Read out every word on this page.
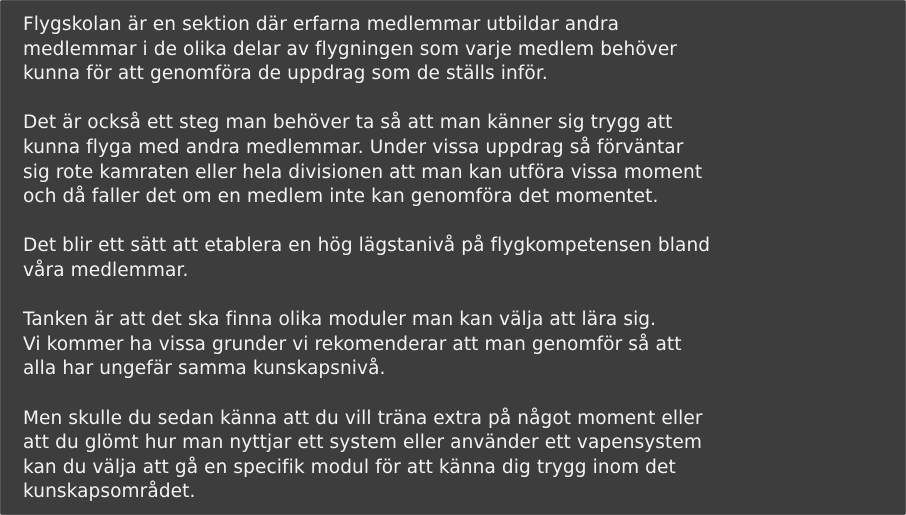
Flygskolan är en sektion där erfarna medlemmar utbildar andra
medlemmar i de olika delar av flygningen som varje medlem behöver
kunna för att genomföra de uppdrag som de ställs inför.

Det är också ett steg man behöver ta så att man känner sig trygg att
kunna flyga med andra medlemmar. Under vissa uppdrag så förväntar
sig rote kamraten eller hela divisionen att man kan utföra vissa moment
och då faller det om en medlem inte kan genomföra det momentet.

Det blir ett sätt att etablera en hög lägstanivå på flygkompetensen bland
våra medlemmar.

Tanken är att det ska finna olika moduler man kan välja att lära sig.
Vi kommer ha vissa grunder vi rekomenderar att man genomför så att
alla har ungefär samma kunskapsnivå.

Men skulle du sedan känna att du vill träna extra på något moment eller
att du glömt hur man nyttjar ett system eller använder ett vapensystem
kan du välja att gå en specifik modul för att känna dig trygg inom det
kunskapsområdet.
